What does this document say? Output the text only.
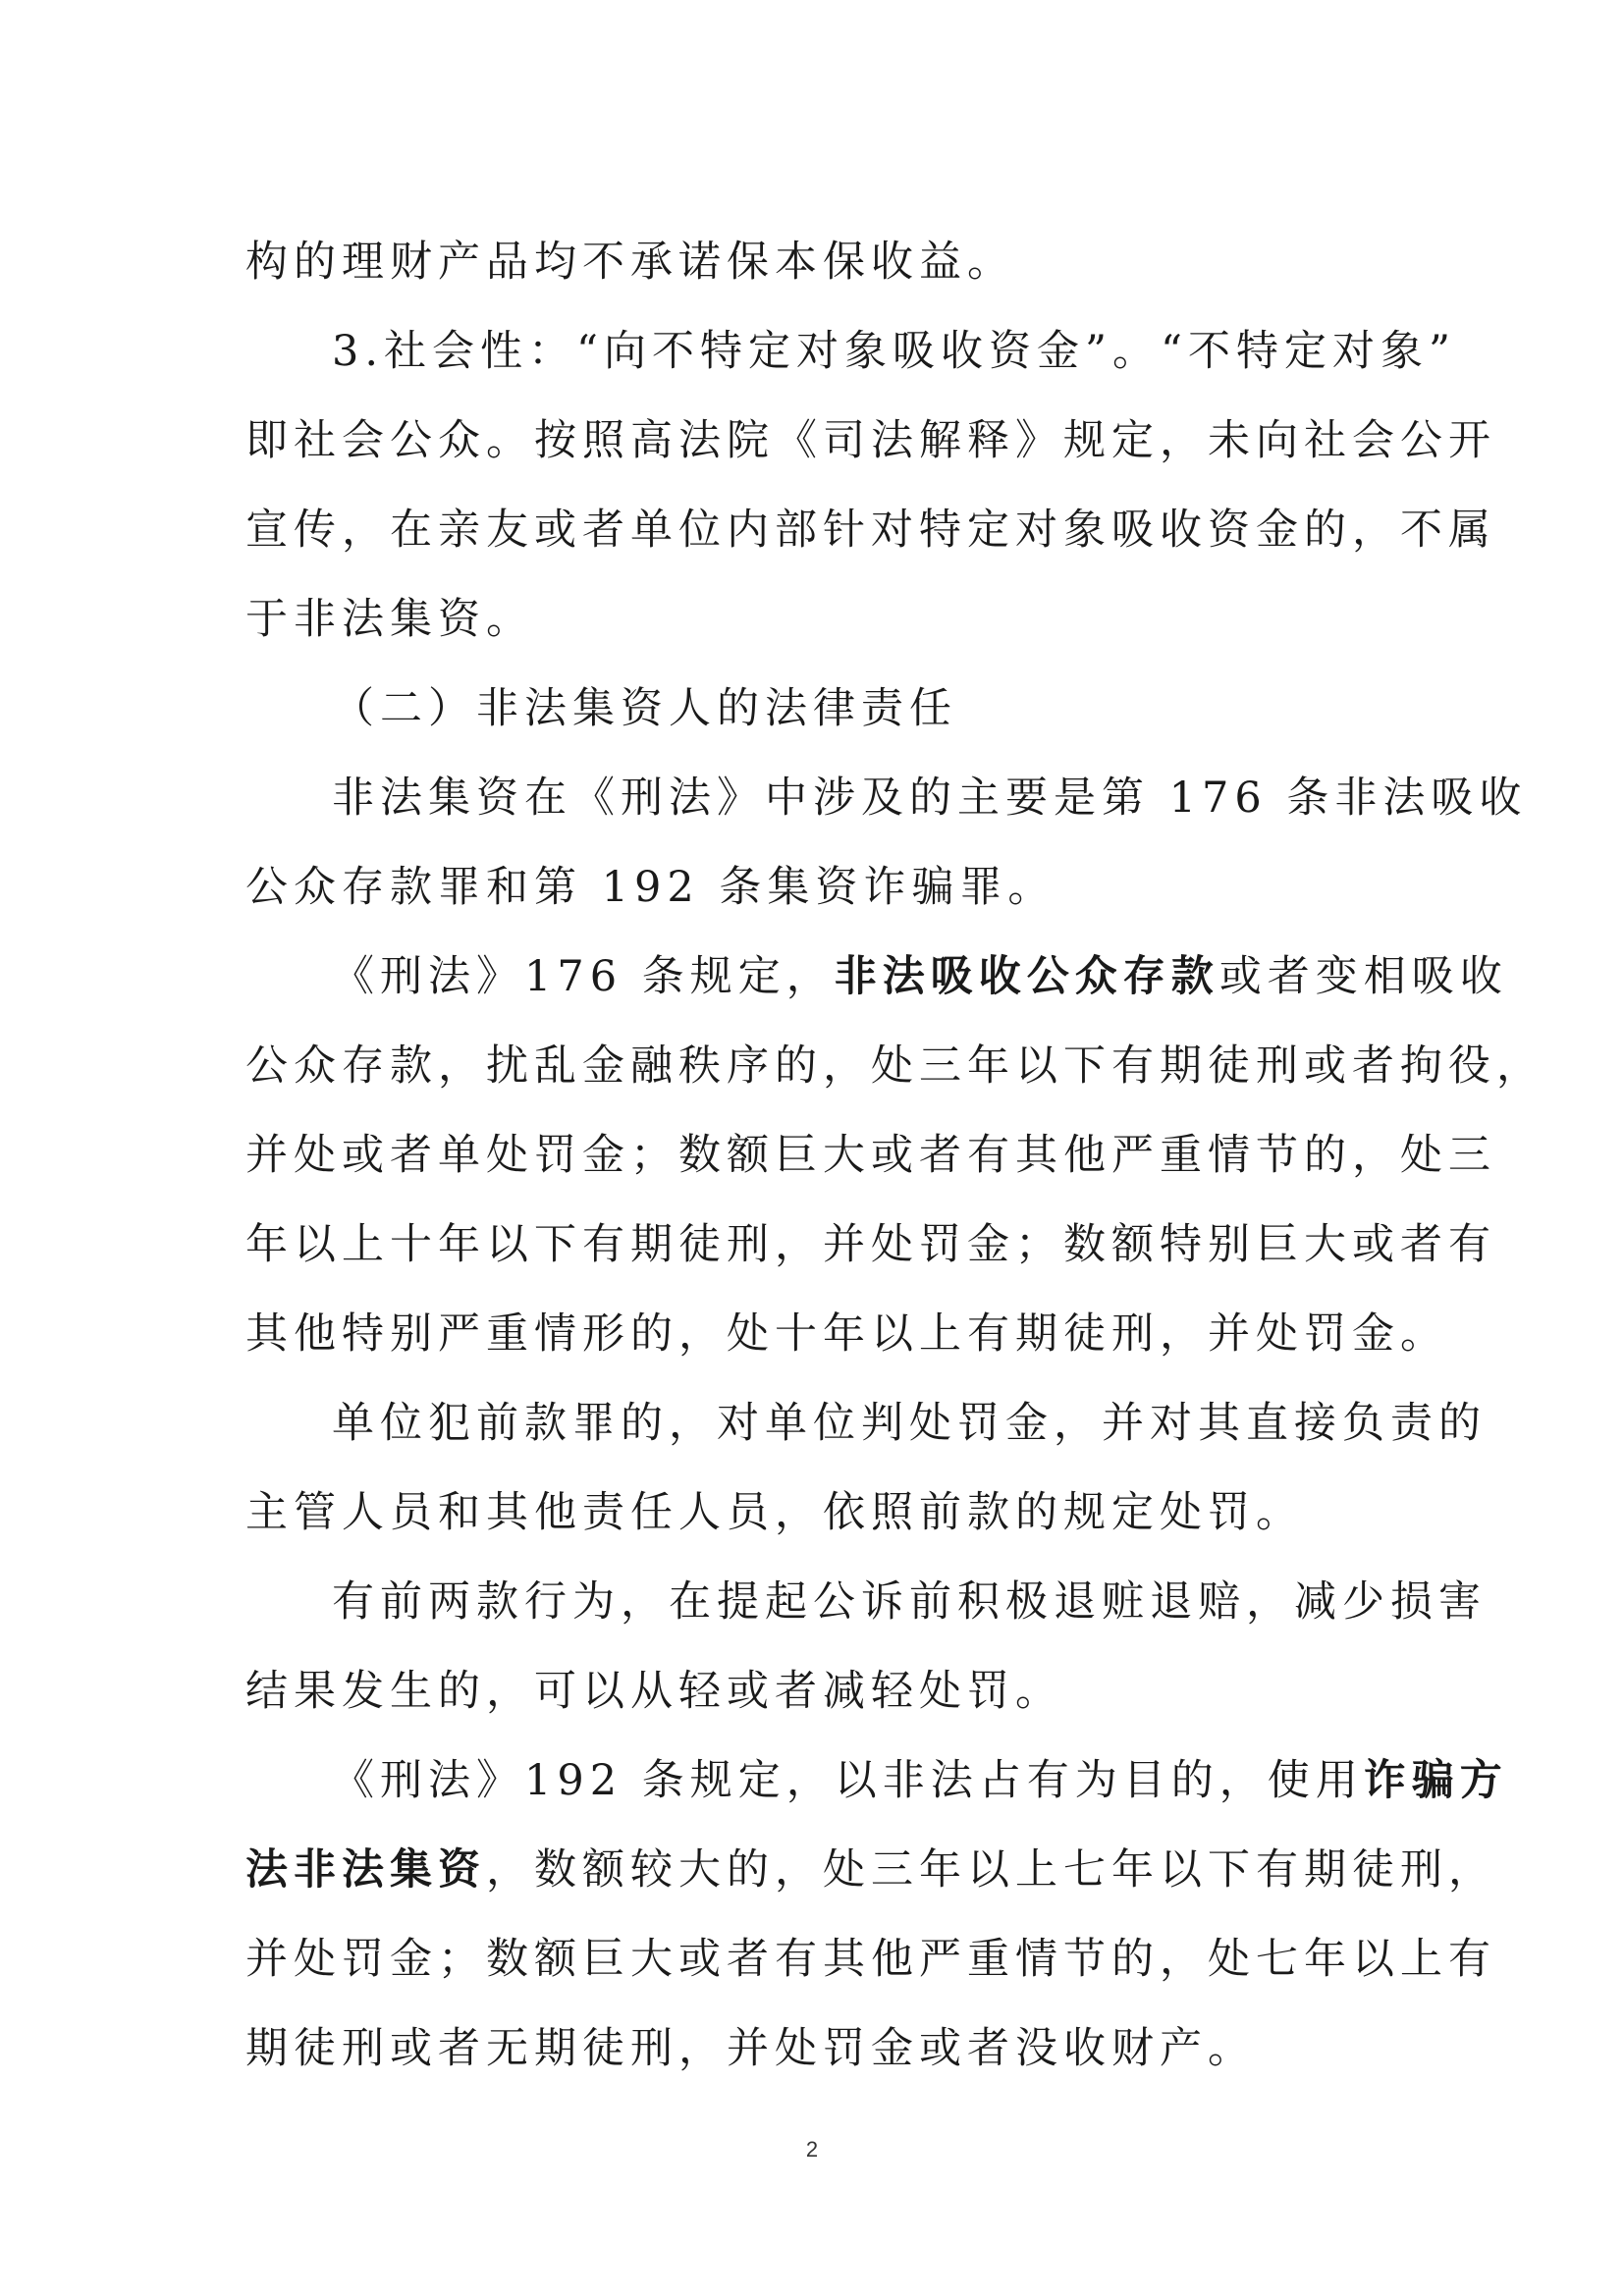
构的理财产品均不承诺保本保收益。
3.社会性：“向不特定对象吸收资金”。“不特定对象”
即社会公众。按照高法院《司法解释》规定，未向社会公开
宣传，在亲友或者单位内部针对特定对象吸收资金的，不属
于非法集资。
（二）非法集资人的法律责任
非法集资在《刑法》中涉及的主要是第 176 条非法吸收
公众存款罪和第 192 条集资诈骗罪。
《刑法》176 条规定，非法吸收公众存款或者变相吸收
公众存款，扰乱金融秩序的，处三年以下有期徒刑或者拘役，
并处或者单处罚金；数额巨大或者有其他严重情节的，处三
年以上十年以下有期徒刑，并处罚金；数额特别巨大或者有
其他特别严重情形的，处十年以上有期徒刑，并处罚金。
单位犯前款罪的，对单位判处罚金，并对其直接负责的
主管人员和其他责任人员，依照前款的规定处罚。
有前两款行为，在提起公诉前积极退赃退赔，减少损害
结果发生的，可以从轻或者减轻处罚。
《刑法》192 条规定，以非法占有为目的，使用诈骗方
法非法集资，数额较大的，处三年以上七年以下有期徒刑，
并处罚金；数额巨大或者有其他严重情节的，处七年以上有
期徒刑或者无期徒刑，并处罚金或者没收财产。
2
